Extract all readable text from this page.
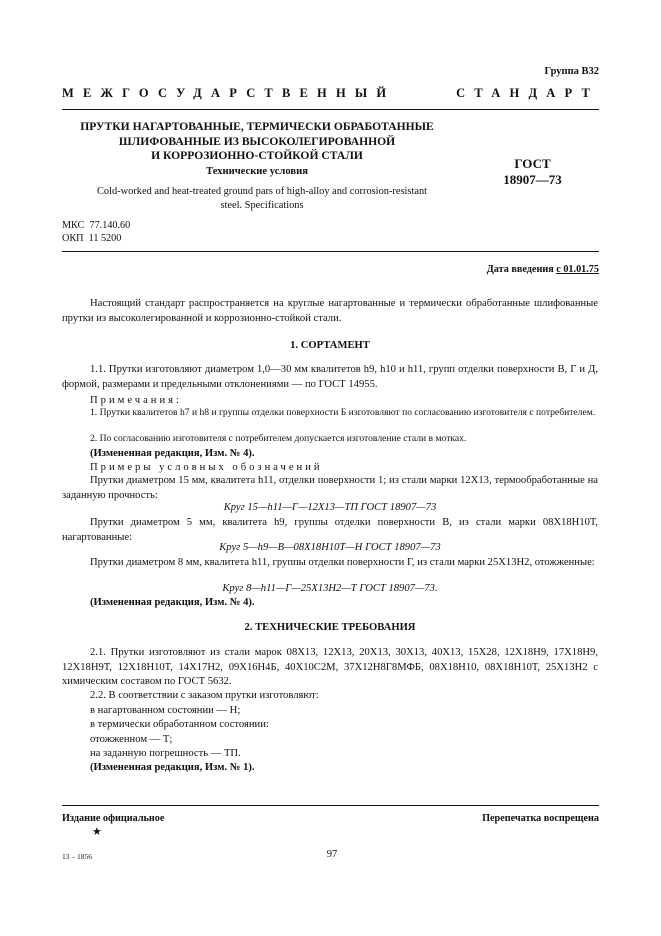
Группа В32
МЕЖГОСУДАРСТВЕННЫЙ СТАНДАРТ
ПРУТКИ НАГАРТОВАННЫЕ, ТЕРМИЧЕСКИ ОБРАБОТАННЫЕ
ШЛИФОВАННЫЕ ИЗ ВЫСОКОЛЕГИРОВАННОЙ
И КОРРОЗИОННО-СТОЙКОЙ СТАЛИ
Технические условия
ГОСТ
18907—73
Cold-worked and heat-treated ground pars of high-alloy and corrosion-resistant
steel. Specifications
МКС  77.140.60
ОКП  11 5200
Дата введения с 01.01.75

Настоящий стандарт распространяется на круглые нагартованные и термически обработанные шлифованные прутки из высоколегированной и коррозионно-стойкой стали.

1. СОРТАМЕНТ

1.1. Прутки изготовляют диаметром 1,0—30 мм квалитетов h9, h10 и h11, групп отделки поверхности В, Г и Д, формой, размерами и предельными отклонениями — по ГОСТ 14955.

Примечания:

1. Прутки квалитетов h7 и h8 и группы отделки поверхности Б изготовляют по согласованию изготовителя с потребителем.

2. По согласованию изготовителя с потребителем допускается изготовление стали в мотках.

(Измененная редакция, Изм. № 4).
Примеры условных обозначений

Прутки диаметром 15 мм, квалитета h11, отделки поверхности 1; из стали марки 12Х13, термообработанные на заданную прочность:

Круг 15—h11—Г—12Х13—ТП ГОСТ 18907—73

Прутки диаметром 5 мм, квалитета h9, группы отделки поверхности В, из стали марки 08Х18Н10Т, нагартованные:

Круг 5—h9—В—08Х18Н10Т—Н ГОСТ 18907—73

Прутки диаметром 8 мм, квалитета h11, группы отделки поверхности Г, из стали марки 25Х13Н2, отожженные:

Круг 8—h11—Г—25Х13Н2—Т ГОСТ 18907—73.
(Измененная редакция, Изм. № 4).
2. ТЕХНИЧЕСКИЕ ТРЕБОВАНИЯ

2.1. Прутки изготовляют из стали марок 08Х13, 12Х13, 20Х13, 30Х13, 40Х13, 15Х28, 12Х18Н9, 17Х18Н9, 12Х18Н9Т, 12Х18Н10Т, 14Х17Н2, 09Х16Н4Б, 40Х10С2М, 37Х12Н8Г8МФБ, 08Х18Н10, 08Х18Н10Т, 25Х13Н2 с химическим составом по ГОСТ 5632.

2.2. В соответствии с заказом прутки изготовляют:
в нагартованном состоянии — Н;
в термически обработанном состоянии:
отожженном — Т;
на заданную погрешность — ТП.
(Измененная редакция, Изм. № 1).
Издание официальное
★
Перепечатка воспрещена
13 – 1856	97
